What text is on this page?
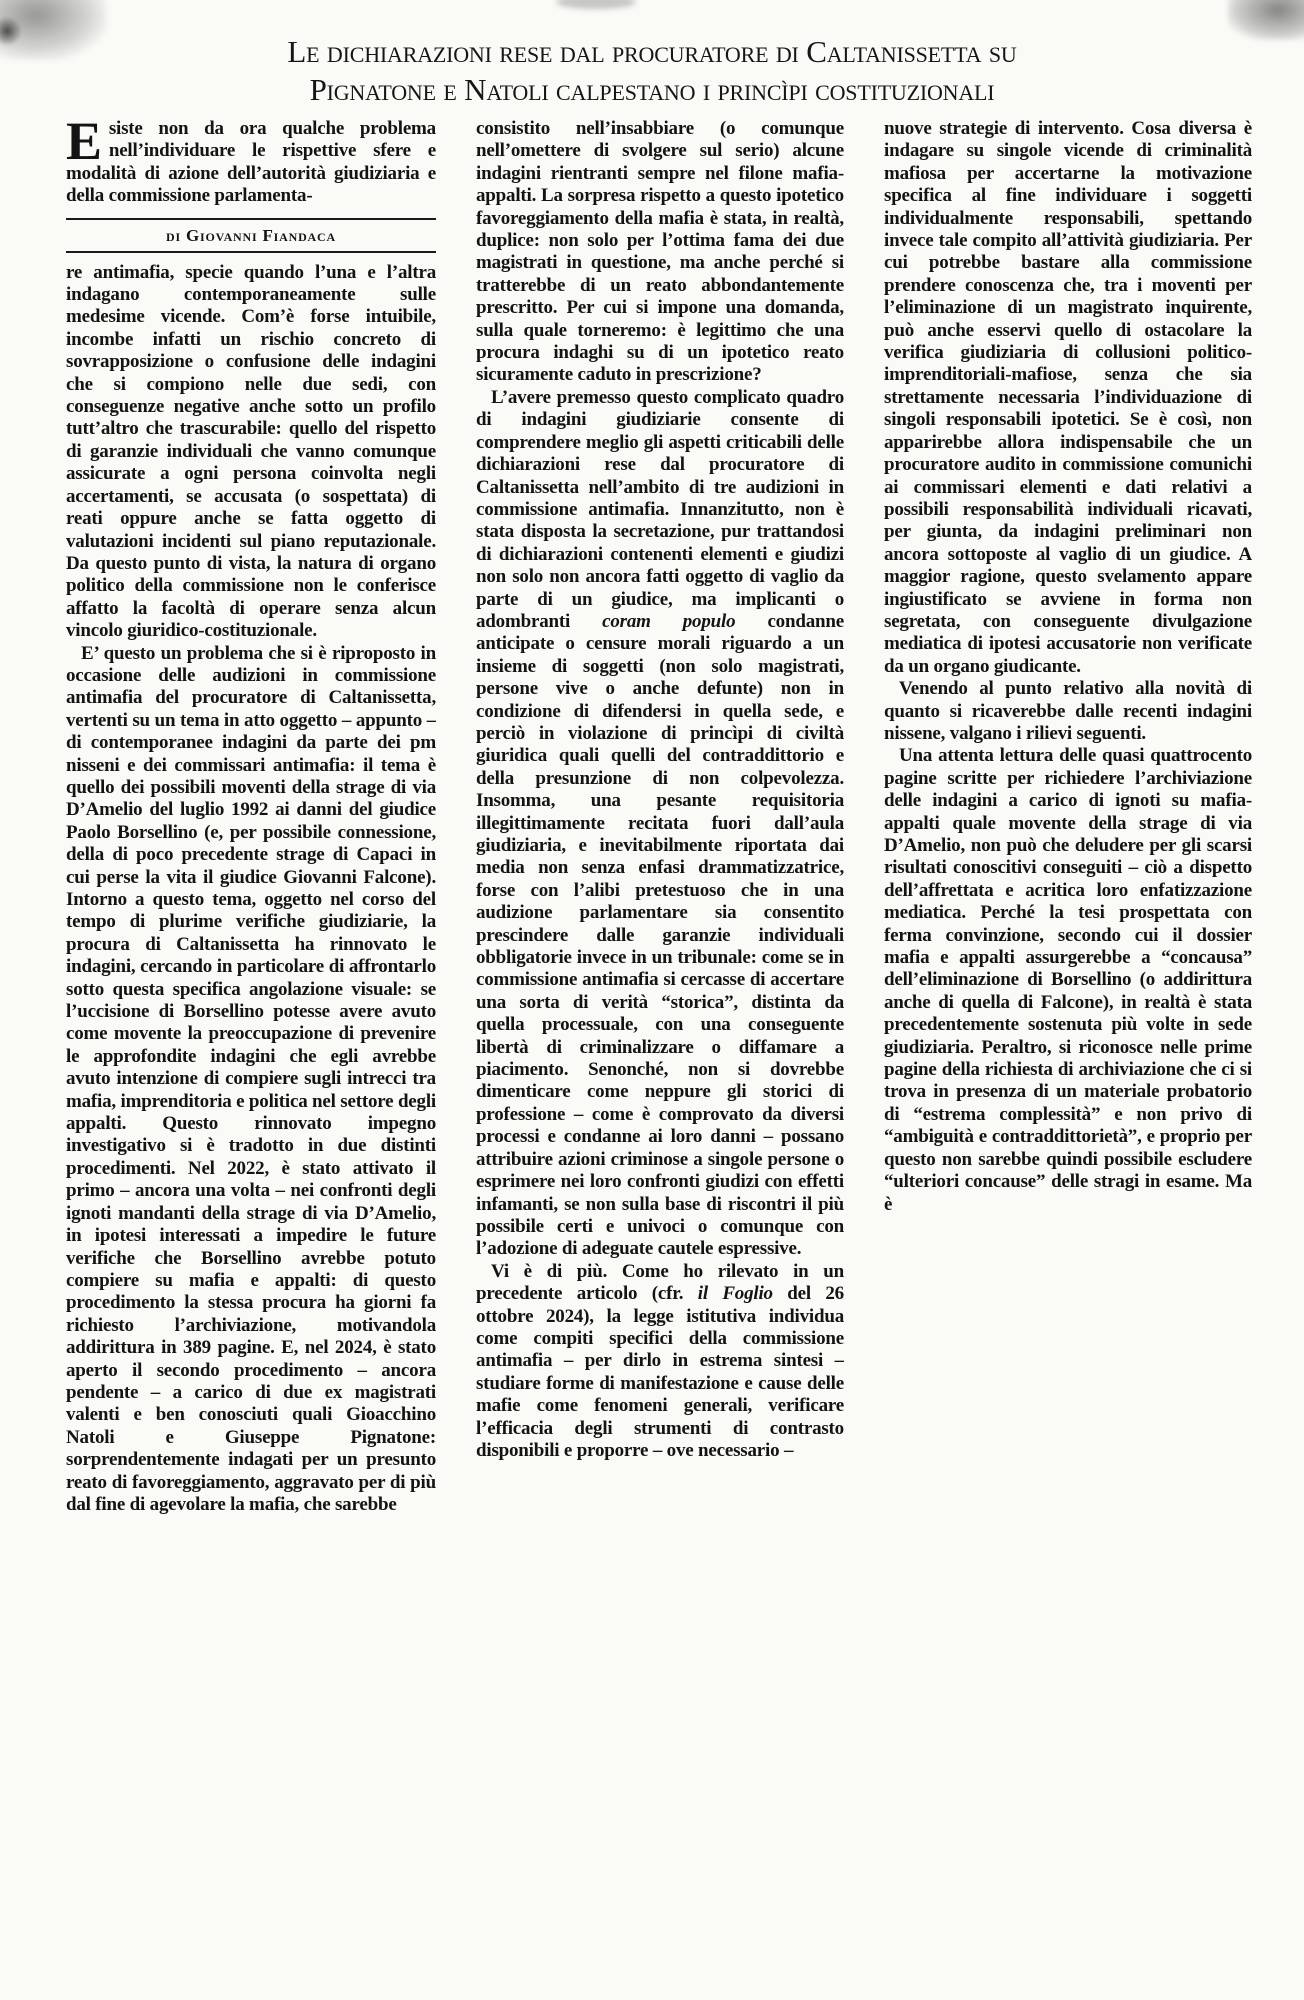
Le dichiarazioni rese dal procuratore di Caltanissetta su
Pignatone e Natoli calpestano i princìpi costituzionali

Esiste non da ora qualche problema nell’individuare le rispettive sfere e modalità di azione dell’autorità giudiziaria e della commissione parlamenta-

di Giovanni Fiandaca

re antimafia, specie quando l’una e l’altra indagano contemporaneamente sulle medesime vicende. Com’è forse intuibile, incombe infatti un rischio concreto di sovrapposizione o confusione delle indagini che si compiono nelle due sedi, con conseguenze negative anche sotto un profilo tutt’altro che trascurabile: quello del rispetto di garanzie individuali che vanno comunque assicurate a ogni persona coinvolta negli accertamenti, se accusata (o sospettata) di reati oppure anche se fatta oggetto di valutazioni incidenti sul piano reputazionale. Da questo punto di vista, la natura di organo politico della commissione non le conferisce affatto la facoltà di operare senza alcun vincolo giuridico-costituzionale.

E’ questo un problema che si è riproposto in occasione delle audizioni in commissione antimafia del procuratore di Caltanissetta, vertenti su un tema in atto oggetto – appunto – di contemporanee indagini da parte dei pm nisseni e dei commissari antimafia: il tema è quello dei possibili moventi della strage di via D’Amelio del luglio 1992 ai danni del giudice Paolo Borsellino (e, per possibile connessione, della di poco precedente strage di Capaci in cui perse la vita il giudice Giovanni Falcone). Intorno a questo tema, oggetto nel corso del tempo di plurime verifiche giudiziarie, la procura di Caltanissetta ha rinnovato le indagini, cercando in particolare di affrontarlo sotto questa specifica angolazione visuale: se l’uccisione di Borsellino potesse avere avuto come movente la preoccupazione di prevenire le approfondite indagini che egli avrebbe avuto intenzione di compiere sugli intrecci tra mafia, imprenditoria e politica nel settore degli appalti. Questo rinnovato impegno investigativo si è tradotto in due distinti procedimenti. Nel 2022, è stato attivato il primo – ancora una volta – nei confronti degli ignoti mandanti della strage di via D’Amelio, in ipotesi interessati a impedire le future verifiche che Borsellino avrebbe potuto compiere su mafia e appalti: di questo procedimento la stessa procura ha giorni fa richiesto l’archiviazione, motivandola addirittura in 389 pagine. E, nel 2024, è stato aperto il secondo procedimento – ancora pendente – a carico di due ex magistrati valenti e ben conosciuti quali Gioacchino Natoli e Giuseppe Pignatone: sorprendentemente indagati per un presunto reato di favoreggiamento, aggravato per di più dal fine di agevolare la mafia, che sarebbe

consistito nell’insabbiare (o comunque nell’omettere di svolgere sul serio) alcune indagini rientranti sempre nel filone mafia-appalti. La sorpresa rispetto a questo ipotetico favoreggiamento della mafia è stata, in realtà, duplice: non solo per l’ottima fama dei due magistrati in questione, ma anche perché si tratterebbe di un reato abbondantemente prescritto. Per cui si impone una domanda, sulla quale torneremo: è legittimo che una procura indaghi su di un ipotetico reato sicuramente caduto in prescrizione?

L’avere premesso questo complicato quadro di indagini giudiziarie consente di comprendere meglio gli aspetti criticabili delle dichiarazioni rese dal procuratore di Caltanissetta nell’ambito di tre audizioni in commissione antimafia. Innanzitutto, non è stata disposta la secretazione, pur trattandosi di dichiarazioni contenenti elementi e giudizi non solo non ancora fatti oggetto di vaglio da parte di un giudice, ma implicanti o adombranti coram populo condanne anticipate o censure morali riguardo a un insieme di soggetti (non solo magistrati, persone vive o anche defunte) non in condizione di difendersi in quella sede, e perciò in violazione di princìpi di civiltà giuridica quali quelli del contraddittorio e della presunzione di non colpevolezza. Insomma, una pesante requisitoria illegittimamente recitata fuori dall’aula giudiziaria, e inevitabilmente riportata dai media non senza enfasi drammatizzatrice, forse con l’alibi pretestuoso che in una audizione parlamentare sia consentito prescindere dalle garanzie individuali obbligatorie invece in un tribunale: come se in commissione antimafia si cercasse di accertare una sorta di verità “storica”, distinta da quella processuale, con una conseguente libertà di criminalizzare o diffamare a piacimento. Senonché, non si dovrebbe dimenticare come neppure gli storici di professione – come è comprovato da diversi processi e condanne ai loro danni – possano attribuire azioni criminose a singole persone o esprimere nei loro confronti giudizi con effetti infamanti, se non sulla base di riscontri il più possibile certi e univoci o comunque con l’adozione di adeguate cautele espressive.

Vi è di più. Come ho rilevato in un precedente articolo (cfr. il Foglio del 26 ottobre 2024), la legge istitutiva individua come compiti specifici della commissione antimafia – per dirlo in estrema sintesi – studiare forme di manifestazione e cause delle mafie come fenomeni generali, verificare l’efficacia degli strumenti di contrasto disponibili e proporre – ove necessario –

nuove strategie di intervento. Cosa diversa è indagare su singole vicende di criminalità mafiosa per accertarne la motivazione specifica al fine individuare i soggetti individualmente responsabili, spettando invece tale compito all’attività giudiziaria. Per cui potrebbe bastare alla commissione prendere conoscenza che, tra i moventi per l’eliminazione di un magistrato inquirente, può anche esservi quello di ostacolare la verifica giudiziaria di collusioni politico-imprenditoriali-mafiose, senza che sia strettamente necessaria l’individuazione di singoli responsabili ipotetici. Se è così, non apparirebbe allora indispensabile che un procuratore audito in commissione comunichi ai commissari elementi e dati relativi a possibili responsabilità individuali ricavati, per giunta, da indagini preliminari non ancora sottoposte al vaglio di un giudice. A maggior ragione, questo svelamento appare ingiustificato se avviene in forma non segretata, con conseguente divulgazione mediatica di ipotesi accusatorie non verificate da un organo giudicante.

Venendo al punto relativo alla novità di quanto si ricaverebbe dalle recenti indagini nissene, valgano i rilievi seguenti.

Una attenta lettura delle quasi quattrocento pagine scritte per richiedere l’archiviazione delle indagini a carico di ignoti su mafia-appalti quale movente della strage di via D’Amelio, non può che deludere per gli scarsi risultati conoscitivi conseguiti – ciò a dispetto dell’affrettata e acritica loro enfatizzazione mediatica. Perché la tesi prospettata con ferma convinzione, secondo cui il dossier mafia e appalti assurgerebbe a “concausa” dell’eliminazione di Borsellino (o addirittura anche di quella di Falcone), in realtà è stata precedentemente sostenuta più volte in sede giudiziaria. Peraltro, si riconosce nelle prime pagine della richiesta di archiviazione che ci si trova in presenza di un materiale probatorio di “estrema complessità” e non privo di “ambiguità e contraddittorietà”, e proprio per questo non sarebbe quindi possibile escludere “ulteriori concause” delle stragi in esame. Ma è
